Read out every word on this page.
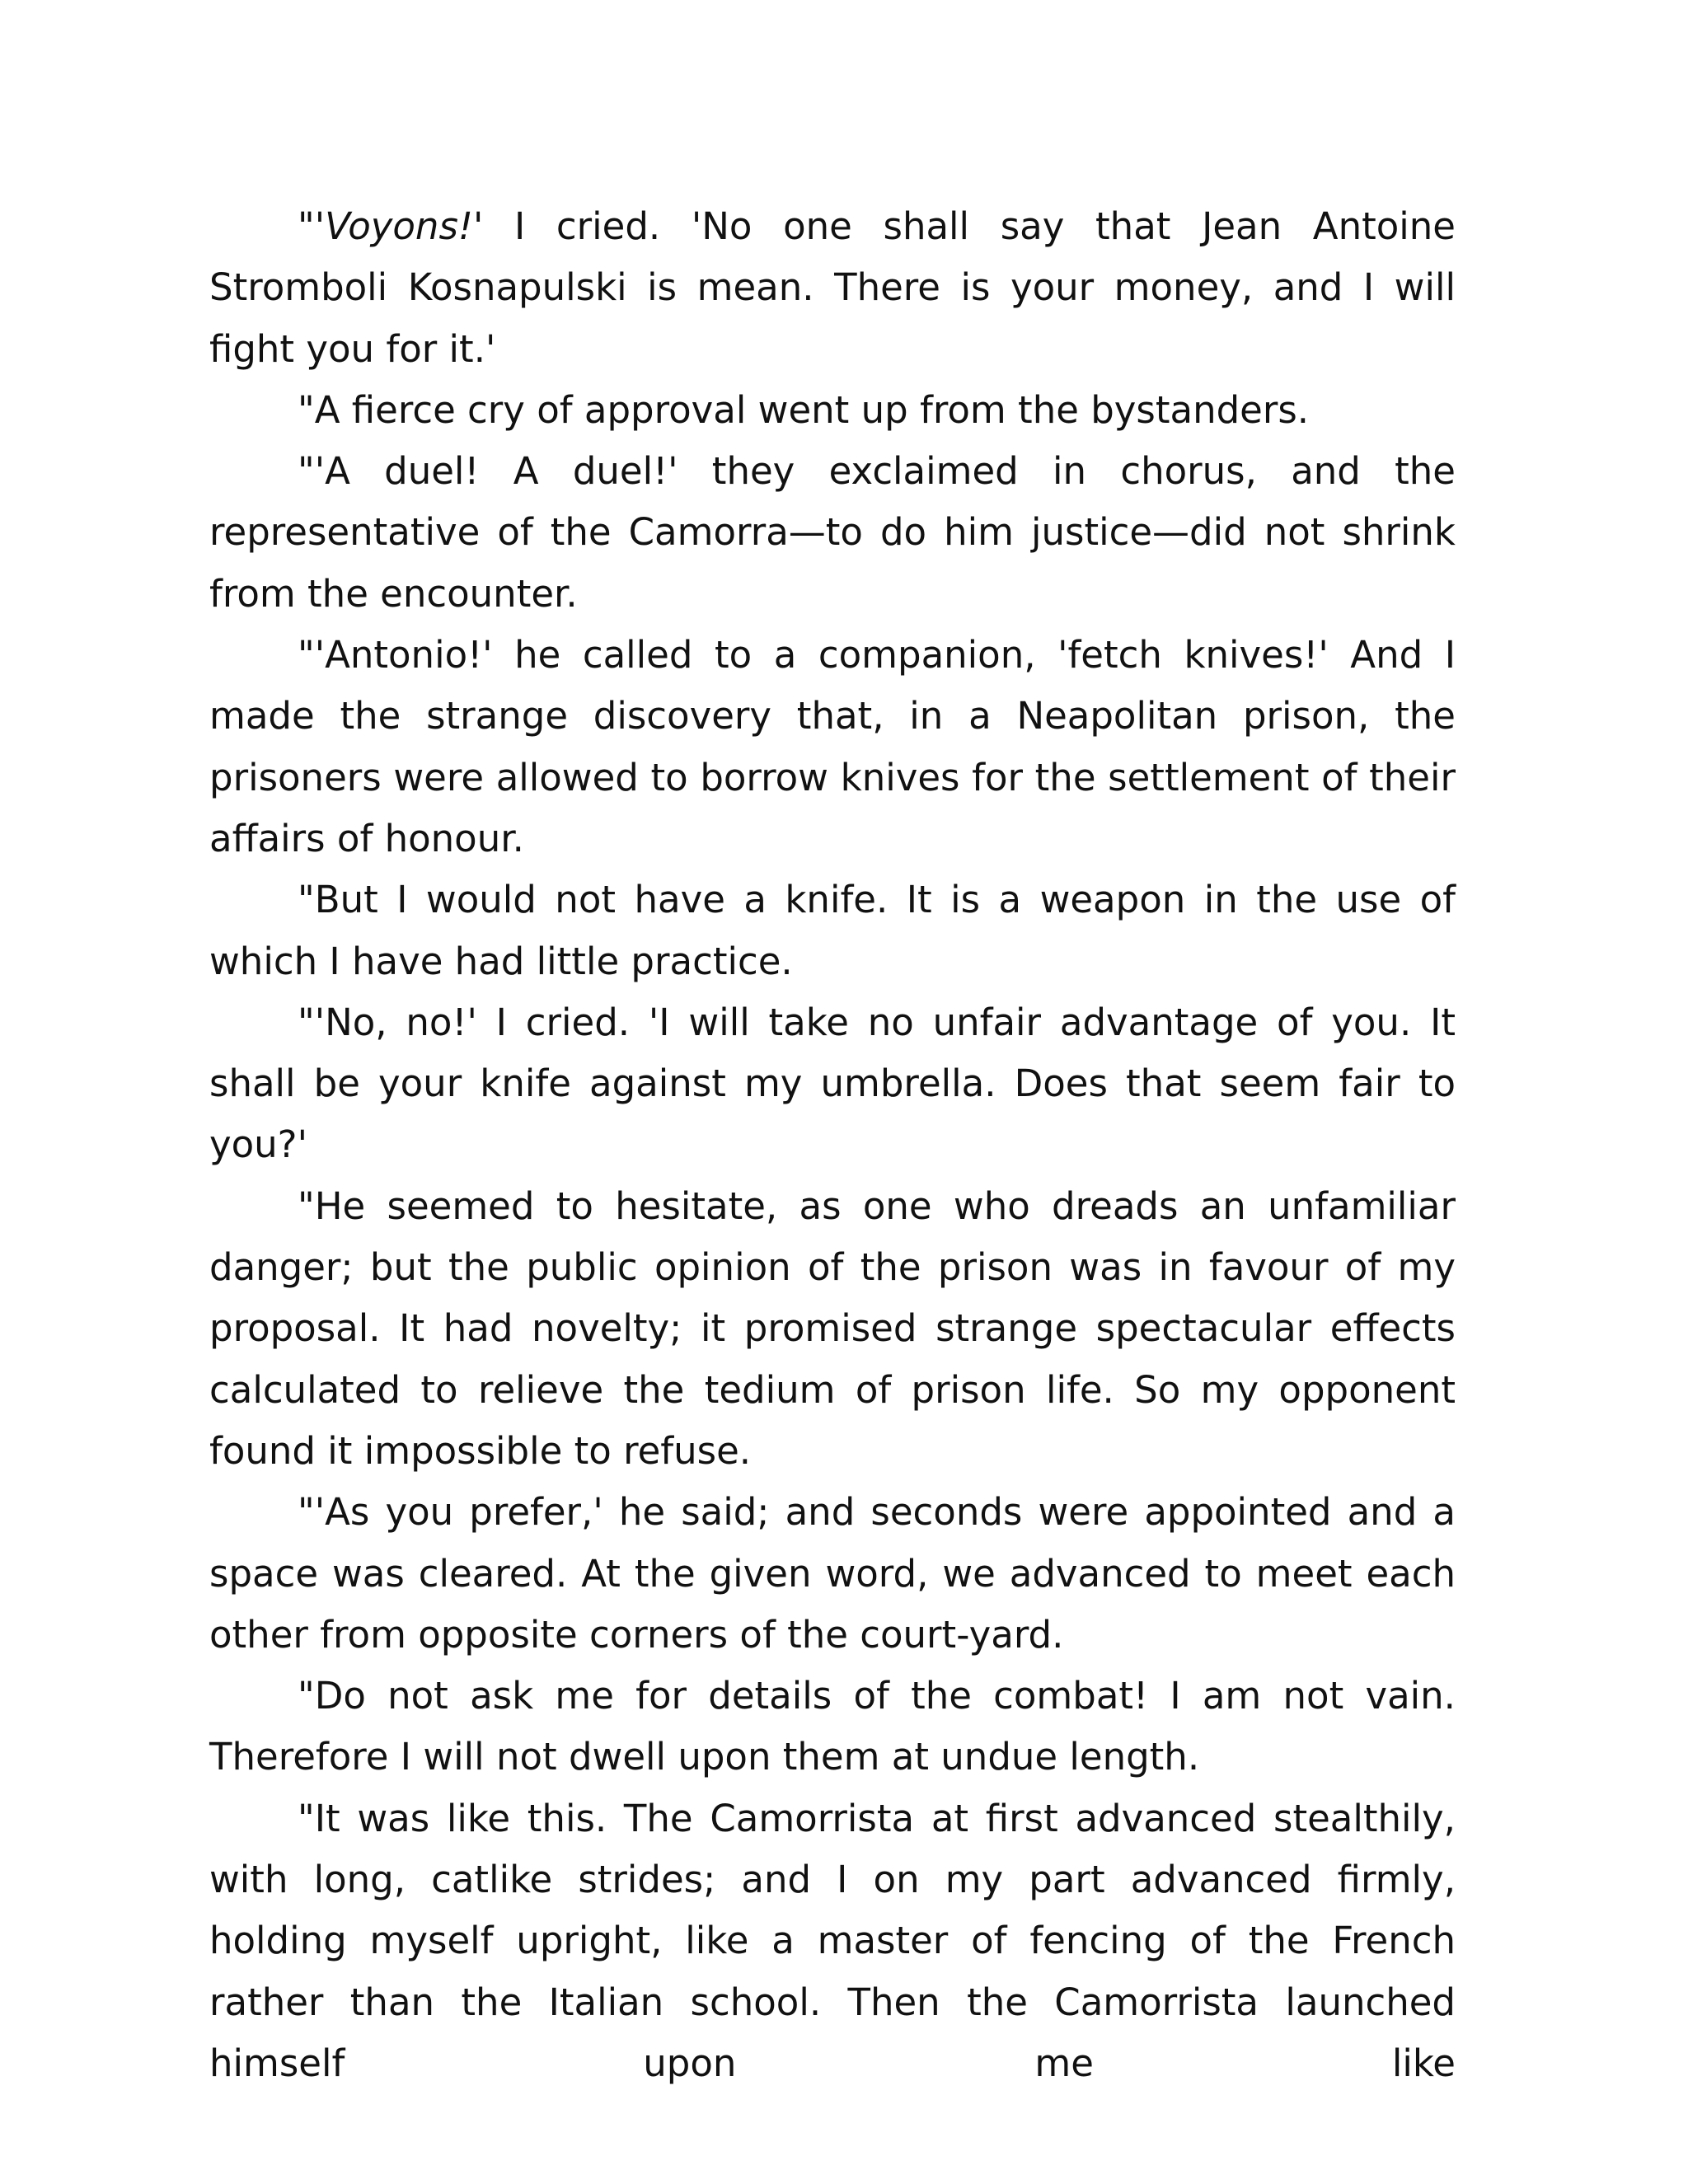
"'Voyons!' I cried. 'No one shall say that Jean Antoine Stromboli Kosnapulski is mean. There is your money, and I will fight you for it.'

"A fierce cry of approval went up from the bystanders.

"'A duel! A duel!' they exclaimed in chorus, and the representative of the Camorra—to do him justice—did not shrink from the encounter.

"'Antonio!' he called to a companion, 'fetch knives!' And I made the strange discovery that, in a Neapolitan prison, the prisoners were allowed to borrow knives for the settlement of their affairs of honour.

"But I would not have a knife. It is a weapon in the use of which I have had little practice.

"'No, no!' I cried. 'I will take no unfair advantage of you. It shall be your knife against my umbrella. Does that seem fair to you?'

"He seemed to hesitate, as one who dreads an unfamiliar danger; but the public opinion of the prison was in favour of my proposal. It had novelty; it promised strange spectacular effects calculated to relieve the tedium of prison life. So my opponent found it impossible to refuse.

"'As you prefer,' he said; and seconds were appointed and a space was cleared. At the given word, we advanced to meet each other from opposite corners of the court-yard.

"Do not ask me for details of the combat! I am not vain. Therefore I will not dwell upon them at undue length.

"It was like this. The Camorrista at first advanced stealthily, with long, catlike strides; and I on my part advanced firmly, holding myself upright, like a master of fencing of the French rather than the Italian school. Then the Camorrista launched himself upon me like
